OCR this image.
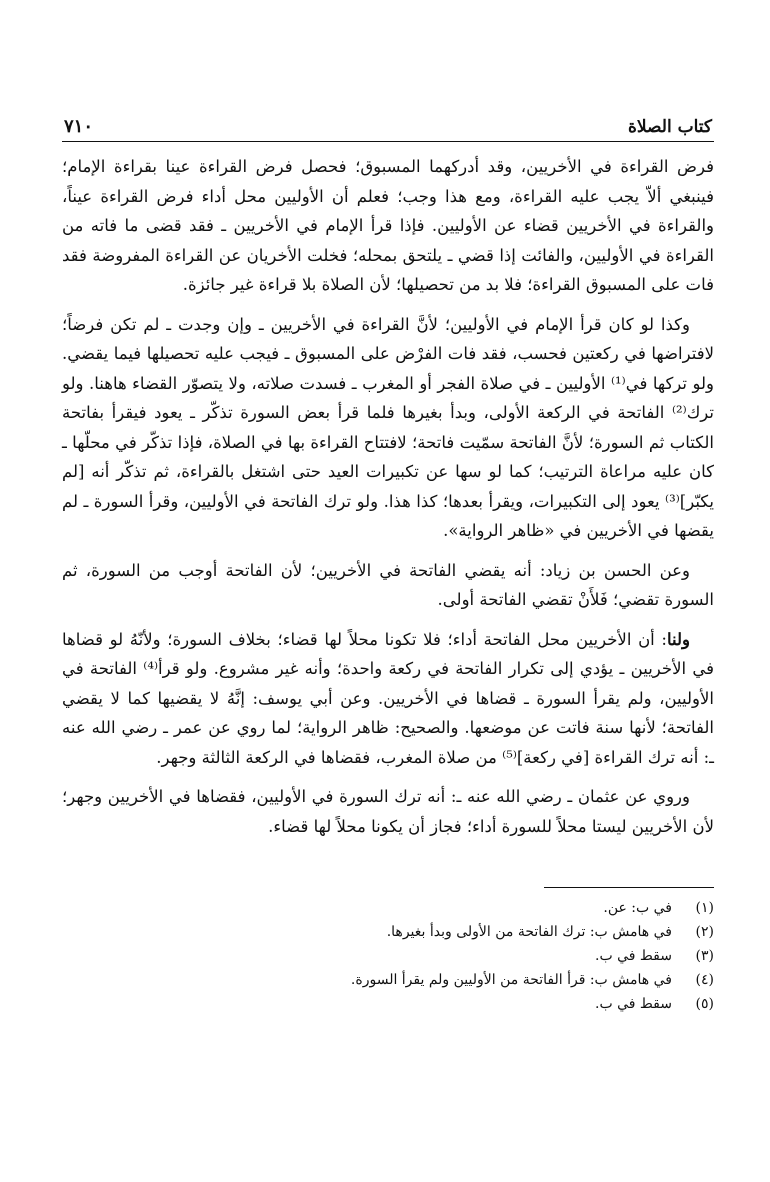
كتاب الصلاة
٧١٠

فرض القراءة في الأخريين، وقد أدركهما المسبوق؛ فحصل فرض القراءة عينا بقراءة الإمام؛ فينبغي ألاّ يجب عليه القراءة، ومع هذا وجب؛ فعلم أن الأوليين محل أداء فرض القراءة عيناً، والقراءة في الأخريين قضاء عن الأوليين. فإذا قرأ الإمام في الأخريين ـ فقد قضى ما فاته من القراءة في الأوليين، والفائت إذا قضي ـ يلتحق بمحله؛ فخلت الأخريان عن القراءة المفروضة فقد فات على المسبوق القراءة؛ فلا بد من تحصيلها؛ لأن الصلاة بلا قراءة غير جائزة.

وكذا لو كان قرأ الإمام في الأوليين؛ لأنَّ القراءة في الأخريين ـ وإن وجدت ـ لم تكن فرضاً؛ لافتراضها في ركعتين فحسب، فقد فات الفرْض على المسبوق ـ فيجب عليه تحصيلها فيما يقضي. ولو تركها في⁽¹⁾ الأوليين ـ في صلاة الفجر أو المغرب ـ فسدت صلاته، ولا يتصوّر القضاء هاهنا. ولو ترك⁽²⁾ الفاتحة في الركعة الأولى، وبدأ بغيرها فلما قرأ بعض السورة تذكّر ـ يعود فيقرأ بفاتحة الكتاب ثم السورة؛ لأنَّ الفاتحة سمّيت فاتحة؛ لافتتاح القراءة بها في الصلاة، فإذا تذكّر في محلّها ـ كان عليه مراعاة الترتيب؛ كما لو سها عن تكبيرات العيد حتى اشتغل بالقراءة، ثم تذكّر أنه [لم يكبّر]⁽³⁾ يعود إلى التكبيرات، ويقرأ بعدها؛ كذا هذا. ولو ترك الفاتحة في الأوليين، وقرأ السورة ـ لم يقضها في الأخريين في «ظاهر الرواية».

وعن الحسن بن زياد: أنه يقضي الفاتحة في الأخريين؛ لأن الفاتحة أوجب من السورة، ثم السورة تقضي؛ فَلأَنْ تقضي الفاتحة أولى.

ولنا: أن الأخريين محل الفاتحة أداء؛ فلا تكونا محلاً لها قضاء؛ بخلاف السورة؛ ولأنّهُ لو قضاها في الأخريين ـ يؤدي إلى تكرار الفاتحة في ركعة واحدة؛ وأنه غير مشروع. ولو قرأ⁽⁴⁾ الفاتحة في الأوليين، ولم يقرأ السورة ـ قضاها في الأخريين. وعن أبي يوسف: إنَّهُ لا يقضيها كما لا يقضي الفاتحة؛ لأنها سنة فاتت عن موضعها. والصحيح: ظاهر الرواية؛ لما روي عن عمر ـ رضي الله عنه ـ: أنه ترك القراءة [في ركعة]⁽⁵⁾ من صلاة المغرب، فقضاها في الركعة الثالثة وجهر.

وروي عن عثمان ـ رضي الله عنه ـ: أنه ترك السورة في الأوليين، فقضاها في الأخريين وجهر؛ لأن الأخريين ليستا محلاً للسورة أداء؛ فجاز أن يكونا محلاً لها قضاء.

(١)
في ب: عن.
(٢)
في هامش ب: ترك الفاتحة من الأولى وبدأ بغيرها.
(٣)
سقط في ب.
(٤)
في هامش ب: قرأ الفاتحة من الأوليين ولم يقرأ السورة.
(٥)
سقط في ب.
